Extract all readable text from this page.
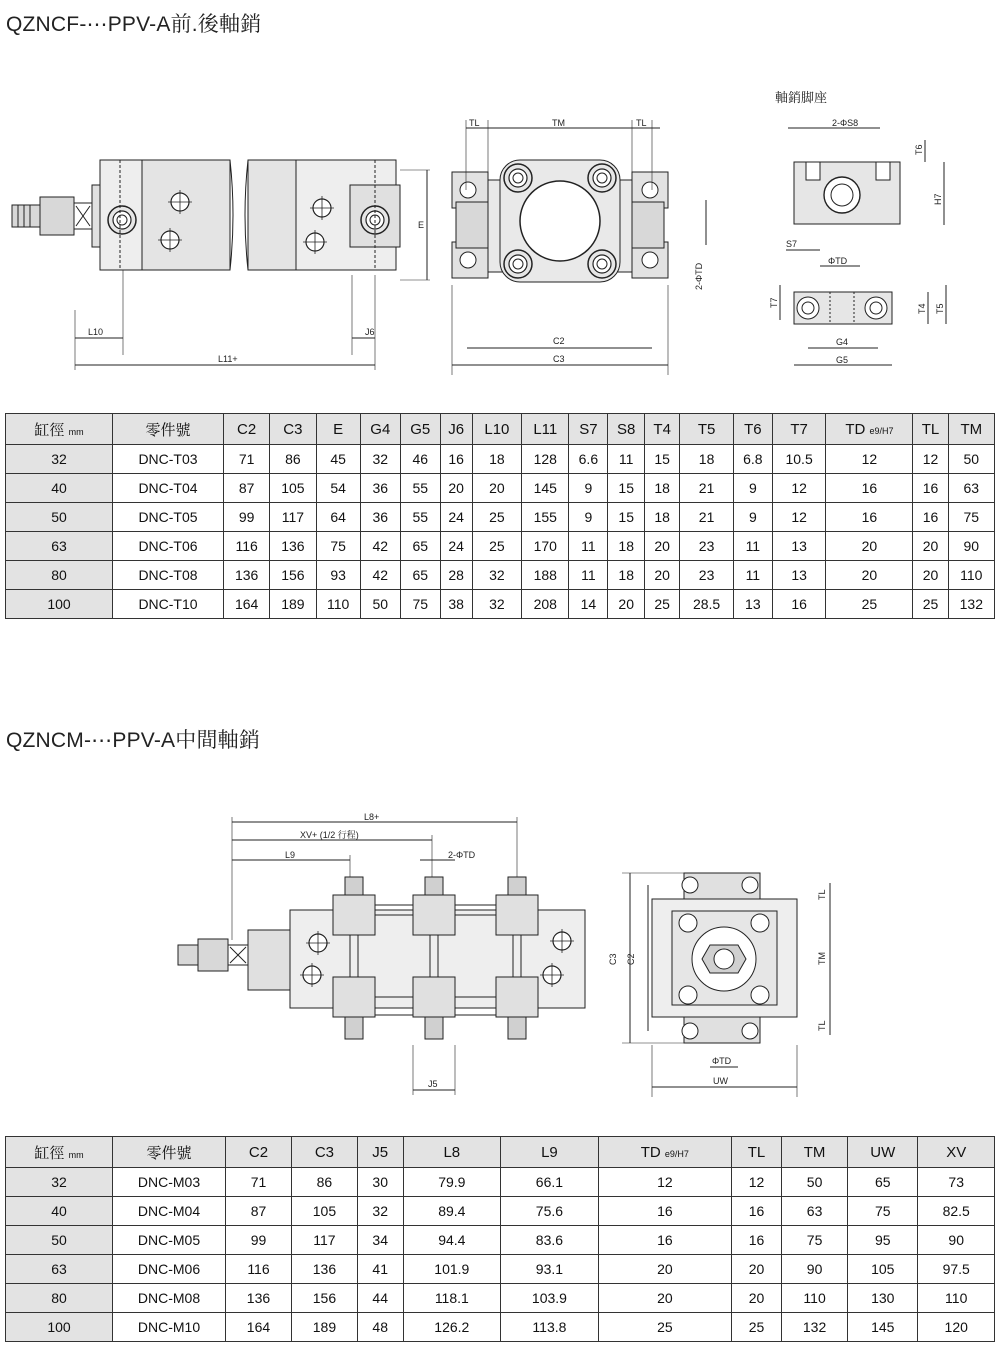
QZNCF-⋯PPV-A前.後軸銷
L10	J6
L11+
E
TL	TM	TL
C2
C3
2-ΦTD
軸銷脚座
2-ΦS8
T6
H7
S7
ΦTD
T7
T4 T5
G4
G5
缸徑 mm	零件號	C2	C3	E	G4	G5	J6	L10	L11	S7	S8	T4	T5	T6	T7	TD e9/H7	TL	TM
32	DNC-T03	71	86	45	32	46	16	18	128	6.6	11	15	18	6.8	10.5	12	12	50
40	DNC-T04	87	105	54	36	55	20	20	145	9	15	18	21	9	12	16	16	63
50	DNC-T05	99	117	64	36	55	24	25	155	9	15	18	21	9	12	16	16	75
63	DNC-T06	116	136	75	42	65	24	25	170	11	18	20	23	11	13	20	20	90
80	DNC-T08	136	156	93	42	65	28	32	188	11	18	20	23	11	13	20	20	110
100	DNC-T10	164	189	110	50	75	38	32	208	14	20	25	28.5	13	16	25	25	132
QZNCM-⋯PPV-A中間軸銷
L8+
XV+ (1/2 行程)
L9	2-ΦTD
J5
C3 C2
TL
TM
TL
ΦTD
UW
缸徑 mm	零件號	C2	C3	J5	L8	L9	TD e9/H7	TL	TM	UW	XV
32	DNC-M03	71	86	30	79.9	66.1	12	12	50	65	73
40	DNC-M04	87	105	32	89.4	75.6	16	16	63	75	82.5
50	DNC-M05	99	117	34	94.4	83.6	16	16	75	95	90
63	DNC-M06	116	136	41	101.9	93.1	20	20	90	105	97.5
80	DNC-M08	136	156	44	118.1	103.9	20	20	110	130	110
100	DNC-M10	164	189	48	126.2	113.8	25	25	132	145	120
